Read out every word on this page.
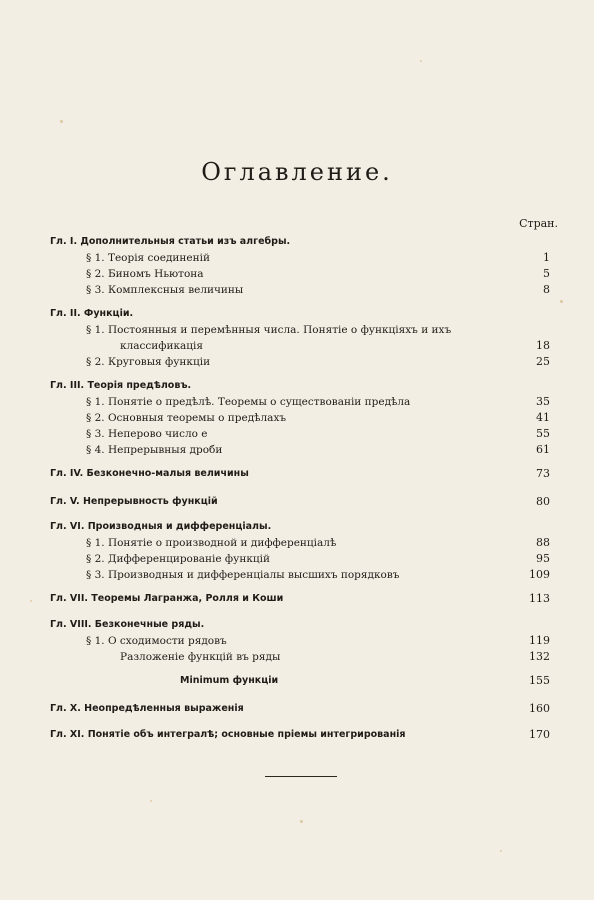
Оглавление.
Стран.
Гл. I. Дополнительныя статьи изъ алгебры.
§ 1. Теорія соединеній	1
§ 2. Биномъ Ньютона	5
§ 3. Комплексныя величины	8
Гл. II. Функціи.
§ 1. Постоянныя и перемѣнныя числа. Понятіе о функціяхъ и ихъ
классификація	18
§ 2. Круговыя функціи	25
Гл. III. Теорія предѣловъ.
§ 1. Понятіе о предѣлѣ. Теоремы о существованіи предѣла	35
§ 2. Основныя теоремы о предѣлахъ	41
§ 3. Неперово число e	55
§ 4. Непрерывныя дроби	61
Гл. IV. Безконечно-малыя величины	73
Гл. V. Непрерывность функцій	80
Гл. VI. Производныя и дифференціалы.
§ 1. Понятіе о производной и дифференціалѣ	88
§ 2. Дифференцированіе функцій	95
§ 3. Производныя и дифференціалы высшихъ порядковъ	109
Гл. VII. Теоремы Лагранжа, Ролля и Коши	113
Гл. VIII. Безконечные ряды.
§ 1. О сходимости рядовъ	119
Разложеніе функцій въ ряды	132
Minimum функціи	155
Гл. X. Неопредѣленныя выраженія	160
Гл. XI. Понятіе объ интегралѣ; основные пріемы интегрированія	170
